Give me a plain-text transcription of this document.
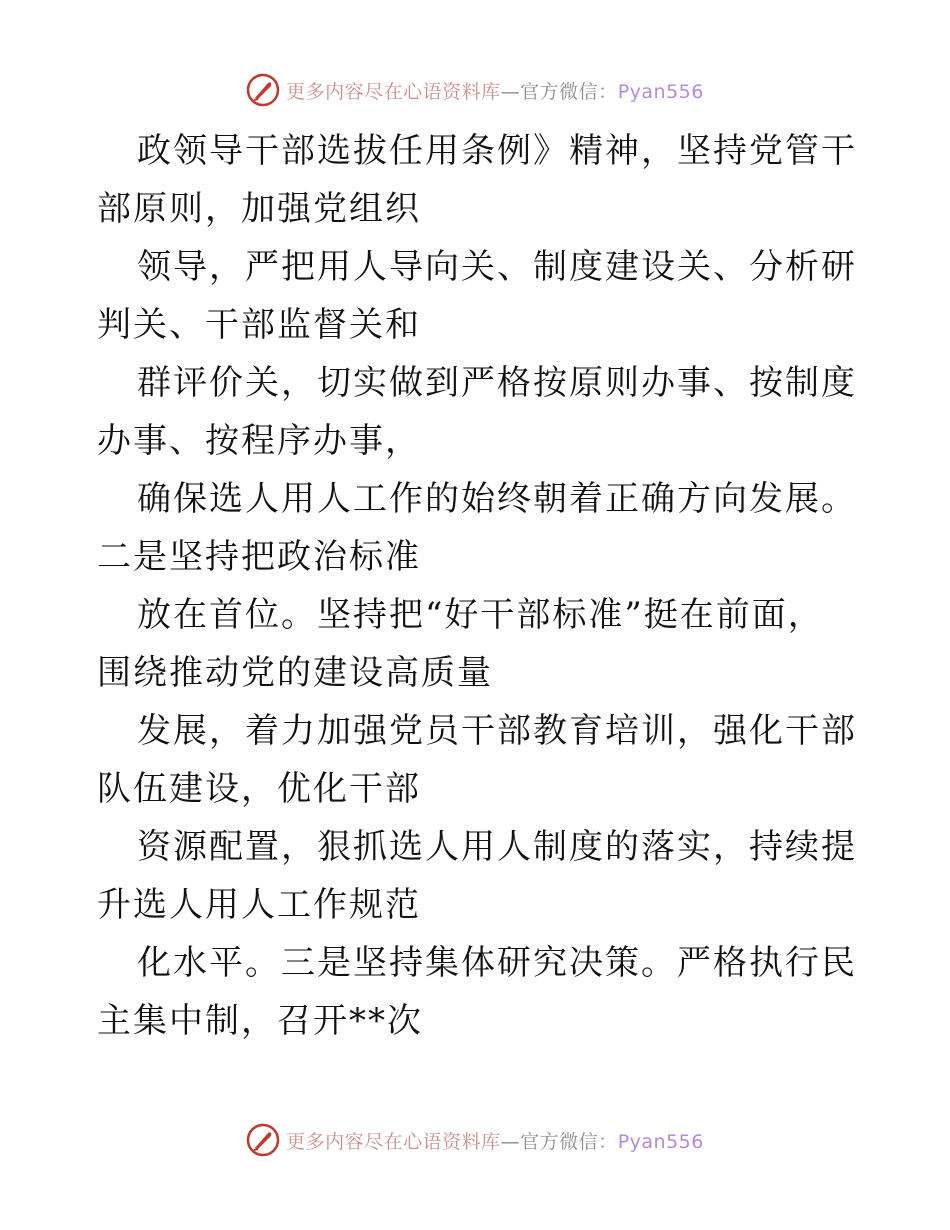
更多内容尽在心语资料库—官方微信：Pyan556

政领导干部选拔任用条例》精神，坚持党管干部原则，加强党组织

领导，严把用人导向关、制度建设关、分析研判关、干部监督关和

群评价关，切实做到严格按原则办事、按制度办事、按程序办事，

确保选人用人工作的始终朝着正确方向发展。二是坚持把政治标准

放在首位。坚持把“好干部标准”挺在前面，围绕推动党的建设高质量

发展，着力加强党员干部教育培训，强化干部队伍建设，优化干部

资源配置，狠抓选人用人制度的落实，持续提升选人用人工作规范

化水平。三是坚持集体研究决策。严格执行民主集中制，召开**次

更多内容尽在心语资料库—官方微信：Pyan556
